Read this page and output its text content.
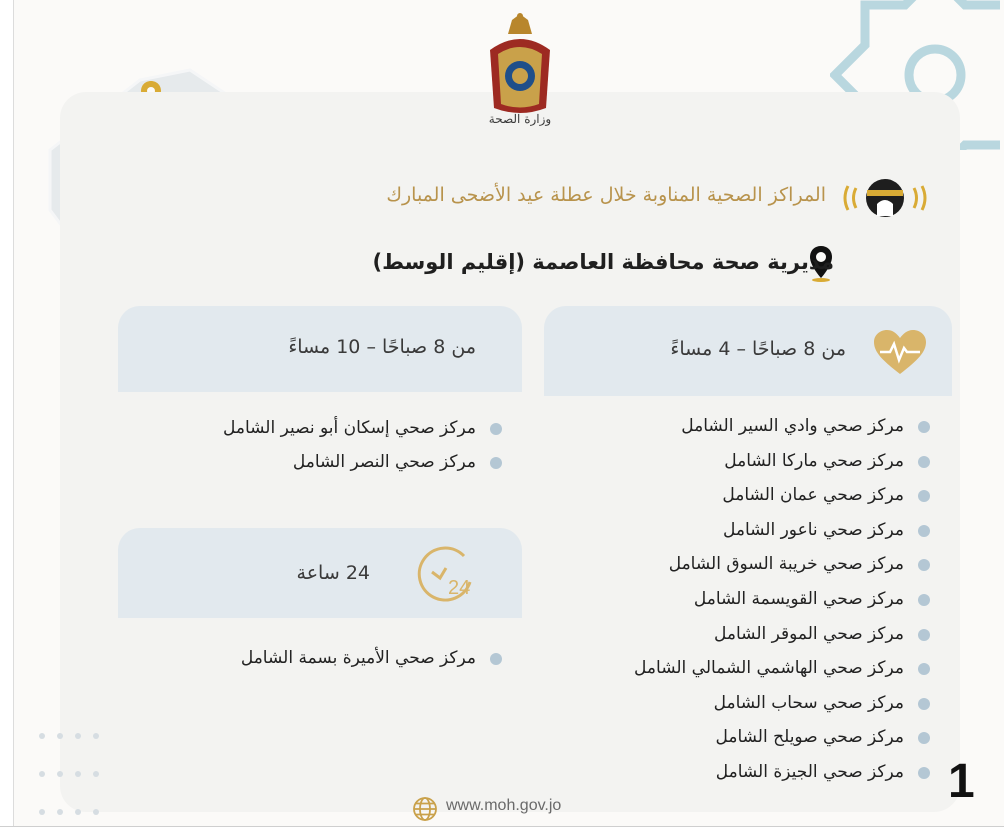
وزارة الصحة
المراكز الصحية المناوبة خلال عطلة عيد الأضحى المبارك
مديرية صحة محافظة العاصمة (إقليم الوسط)
من 8 صباحًا – 4 مساءً
من 8 صباحًا – 10 مساءً
24
24 ساعة
مركز صحي وادي السير الشامل
مركز صحي ماركا الشامل
مركز صحي عمان الشامل
مركز صحي ناعور الشامل
مركز صحي خريبة السوق الشامل
مركز صحي القويسمة الشامل
مركز صحي الموقر الشامل
مركز صحي الهاشمي الشمالي الشامل
مركز صحي سحاب الشامل
مركز صحي صويلح الشامل
مركز صحي الجيزة الشامل
مركز صحي إسكان أبو نصير الشامل
مركز صحي النصر الشامل
مركز صحي الأميرة بسمة الشامل
www.moh.gov.jo	1
